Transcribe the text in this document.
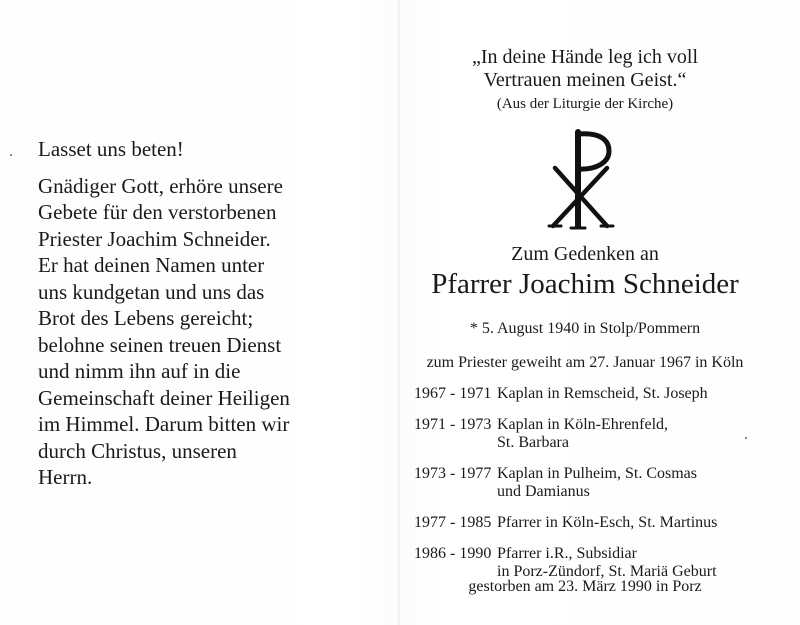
Lasset uns beten!
Gnädiger Gott, erhöre unsere
Gebete für den verstorbenen
Priester Joachim Schneider.
Er hat deinen Namen unter
uns kundgetan und uns das
Brot des Lebens gereicht;
belohne seinen treuen Dienst
und nimm ihn auf in die
Gemeinschaft deiner Heiligen
im Himmel. Darum bitten wir
durch Christus, unseren
Herrn.
„In deine Hände leg ich voll
Vertrauen meinen Geist.“
(Aus der Liturgie der Kirche)
Zum Gedenken an
Pfarrer Joachim Schneider
* 5. August 1940 in Stolp/Pommern
zum Priester geweiht am 27. Januar 1967 in Köln
1967 - 1971 Kaplan in Remscheid, St. Joseph
1971 - 1973 Kaplan in Köln-Ehrenfeld,
St. Barbara
1973 - 1977 Kaplan in Pulheim, St. Cosmas
und Damianus
1977 - 1985 Pfarrer in Köln-Esch, St. Martinus
1986 - 1990 Pfarrer i.R., Subsidiar
in Porz-Zündorf, St. Mariä Geburt
gestorben am 23. März 1990 in Porz
